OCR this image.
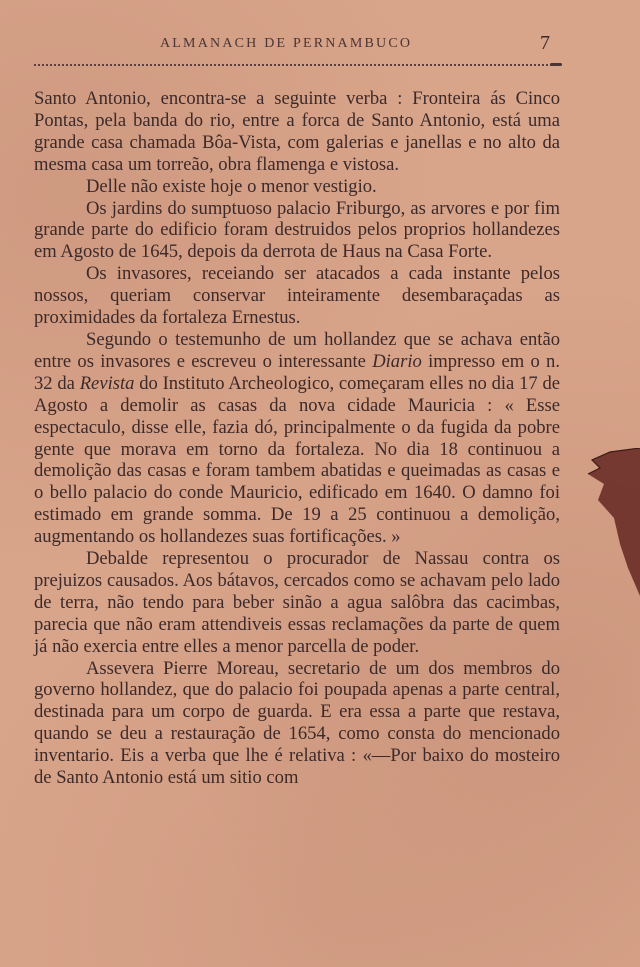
ALMANACH DE PERNAMBUCO	7

Santo Antonio, encontra-se a seguinte verba : Fronteira ás Cinco Pontas, pela banda do rio, entre a forca de Santo Antonio, está uma grande casa chamada Bôa-Vista, com galerias e janellas e no alto da mesma casa um torreão, obra flamenga e vistosa.

Delle não existe hoje o menor vestigio.

Os jardins do sumptuoso palacio Friburgo, as arvores e por fim grande parte do edificio foram destruidos pelos proprios hollandezes em Agosto de 1645, depois da derrota de Haus na Casa Forte.

Os invasores, receiando ser atacados a cada instante pelos nossos, queriam conservar inteiramente desembaraçadas as proximidades da fortaleza Ernestus.

Segundo o testemunho de um hollandez que se achava então entre os invasores e escreveu o interessante Diario impresso em o n. 32 da Revista do Instituto Archeologico, começaram elles no dia 17 de Agosto a demolir as casas da nova cidade Mauricia : « Esse espectaculo, disse elle, fazia dó, principalmente o da fugida da pobre gente que morava em torno da fortaleza. No dia 18 continuou a demolição das casas e foram tambem abatidas e queimadas as casas e o bello palacio do conde Mauricio, edificado em 1640. O damno foi estimado em grande somma. De 19 a 25 continuou a demolição, augmentando os hollandezes suas fortificações. »

Debalde representou o procurador de Nassau contra os prejuizos causados. Aos bátavos, cercados como se achavam pelo lado de terra, não tendo para beber sinão a agua salôbra das cacimbas, parecia que não eram attendiveis essas reclamações da parte de quem já não exercia entre elles a menor parcella de poder.

Assevera Pierre Moreau, secretario de um dos membros do governo hollandez, que do palacio foi poupada apenas a parte central, destinada para um corpo de guarda. E era essa a parte que restava, quando se deu a restauração de 1654, como consta do mencionado inventario. Eis a verba que lhe é relativa : «—Por baixo do mosteiro de Santo Antonio está um sitio com
